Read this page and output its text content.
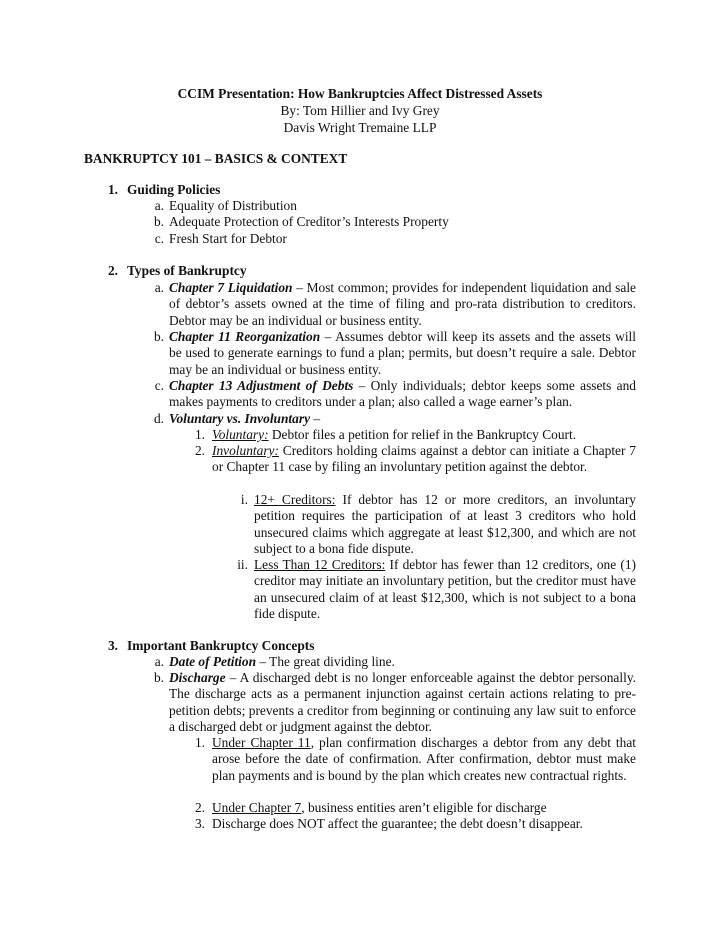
CCIM Presentation: How Bankruptcies Affect Distressed Assets
By: Tom Hillier and Ivy Grey
Davis Wright Tremaine LLP
BANKRUPTCY 101 – BASICS & CONTEXT
1. Guiding Policies
a. Equality of Distribution
b. Adequate Protection of Creditor’s Interests Property
c. Fresh Start for Debtor
2. Types of Bankruptcy
a. Chapter 7 Liquidation – Most common; provides for independent liquidation and sale of debtor’s assets owned at the time of filing and pro-rata distribution to creditors. Debtor may be an individual or business entity.
b. Chapter 11 Reorganization – Assumes debtor will keep its assets and the assets will be used to generate earnings to fund a plan; permits, but doesn’t require a sale. Debtor may be an individual or business entity.
c. Chapter 13 Adjustment of Debts – Only individuals; debtor keeps some assets and makes payments to creditors under a plan; also called a wage earner’s plan.
d. Voluntary vs. Involuntary –
1. Voluntary: Debtor files a petition for relief in the Bankruptcy Court.
2. Involuntary: Creditors holding claims against a debtor can initiate a Chapter 7 or Chapter 11 case by filing an involuntary petition against the debtor.
i. 12+ Creditors: If debtor has 12 or more creditors, an involuntary petition requires the participation of at least 3 creditors who hold unsecured claims which aggregate at least $12,300, and which are not subject to a bona fide dispute.
ii. Less Than 12 Creditors: If debtor has fewer than 12 creditors, one (1) creditor may initiate an involuntary petition, but the creditor must have an unsecured claim of at least $12,300, which is not subject to a bona fide dispute.
3. Important Bankruptcy Concepts
a. Date of Petition – The great dividing line.
b. Discharge – A discharged debt is no longer enforceable against the debtor personally. The discharge acts as a permanent injunction against certain actions relating to pre-petition debts; prevents a creditor from beginning or continuing any law suit to enforce a discharged debt or judgment against the debtor.
1. Under Chapter 11, plan confirmation discharges a debtor from any debt that arose before the date of confirmation. After confirmation, debtor must make plan payments and is bound by the plan which creates new contractual rights.
2. Under Chapter 7, business entities aren’t eligible for discharge
3. Discharge does NOT affect the guarantee; the debt doesn’t disappear.
